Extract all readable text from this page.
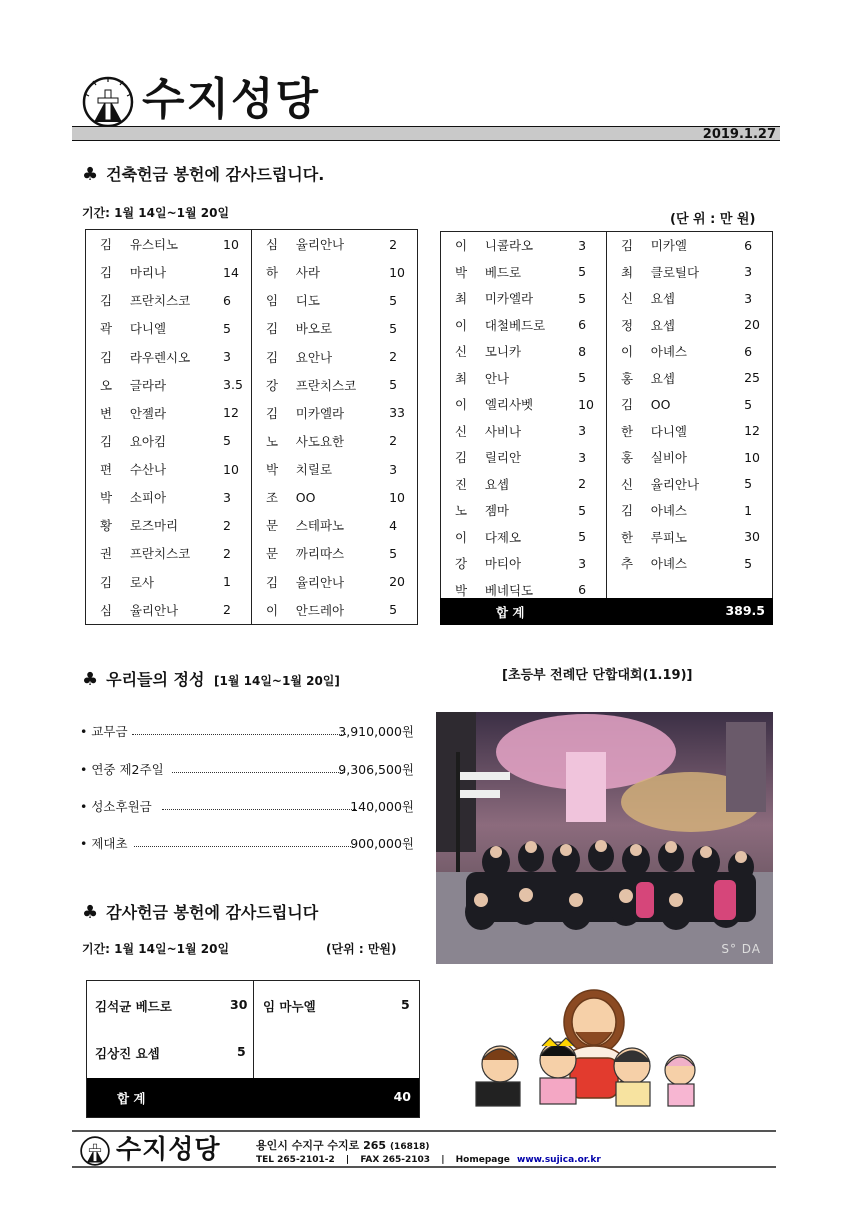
수지성당
2019.1.27
♣ 건축헌금 봉헌에 감사드립니다.
기간: 1월 14일~1월 20일	(단 위 : 만 원)
김	유스티노	10	심	율리안나	2
김	마리나	14	하	사라	10
김	프란치스코	6	임	디도	5
곽	다니엘	5	김	바오로	5
김	라우렌시오	3	김	요안나	2
오	글라라	3.5	강	프란치스코	5
변	안젤라	12	김	미카엘라	33
김	요아킴	5	노	사도요한	2
편	수산나	10	박	치릴로	3
박	소피아	3	조	OO	10
황	로즈마리	2	문	스테파노	4
권	프란치스코	2	문	까리따스	5
김	로사	1	김	율리안나	20
심	율리안나	2	이	안드레아	5
이	니콜라오	3	김	미카엘	6
박	베드로	5	최	클로틸다	3
최	미카엘라	5	신	요셉	3
이	대철베드로	6	정	요셉	20
신	모니카	8	이	아녜스	6
최	안나	5	홍	요셉	25
이	엘리사벳	10	김	OO	5
신	사비나	3	한	다니엘	12
김	릴리안	3	홍	실비아	10
진	요셉	2	신	율리안나	5
노	젬마	5	김	아녜스	1
이	다제오	5	한	루피노	30
강	마티아	3	추	아녜스	5
박	베네딕도	6			
합 계	389.5
♣ 우리들의 정성 [1월 14일~1월 20일]
• 교무금	3,910,000원
• 연중 제2주일	9,306,500원
• 성소후원금	140,000원
• 제대초	900,000원
[초등부 전례단 단합대회(1.19)]
S° DA
♣ 감사헌금 봉헌에 감사드립니다
기간: 1월 14일~1월 20일	(단위 : 만원)
김석균 베드로	30 임 마누엘	5
김상진 요셉	5
합 계	40
수지성당	용인시 수지구 수지로 265 (16818)
TEL 265-2101-2 | FAX 265-2103 | Homepage www.sujica.or.kr
